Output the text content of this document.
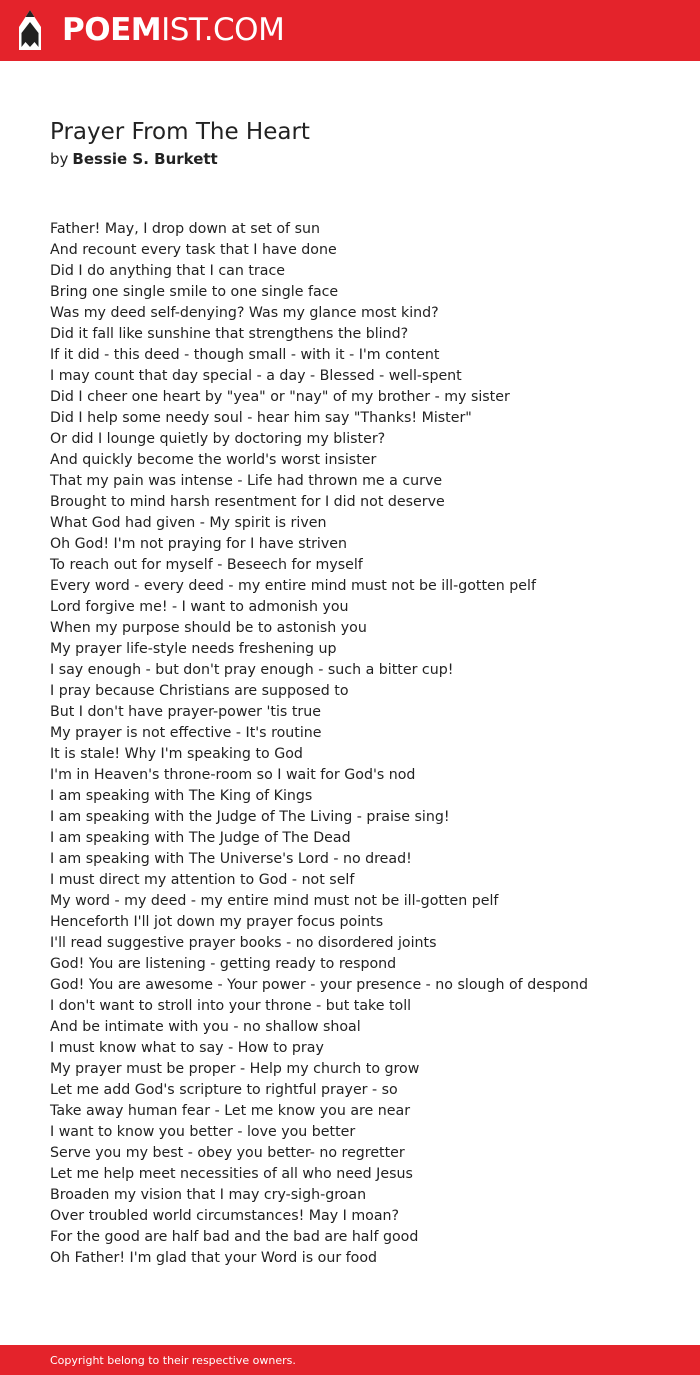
POEMIST.COM
Prayer From The Heart
by Bessie S. Burkett
Father! May, I drop down at set of sun
And recount every task that I have done
Did I do anything that I can trace
Bring one single smile to one single face
Was my deed self-denying? Was my glance most kind?
Did it fall like sunshine that strengthens the blind?
If it did - this deed - though small - with it - I'm content
I may count that day special - a day - Blessed - well-spent
Did I cheer one heart by "yea" or "nay" of my brother - my sister
Did I help some needy soul - hear him say "Thanks! Mister"
Or did I lounge quietly by doctoring my blister?
And quickly become the world's worst insister
That my pain was intense - Life had thrown me a curve
Brought to mind harsh resentment for I did not deserve
What God had given - My spirit is riven
Oh God! I'm not praying for I have striven
To reach out for myself - Beseech for myself
Every word - every deed - my entire mind must not be ill-gotten pelf
Lord forgive me! - I want to admonish you
When my purpose should be to astonish you
My prayer life-style needs freshening up
I say enough - but don't pray enough - such a bitter cup!
I pray because Christians are supposed to
But I don't have prayer-power 'tis true
My prayer is not effective - It's routine
It is stale! Why I'm speaking to God
I'm in Heaven's throne-room so I wait for God's nod
I am speaking with The King of Kings
I am speaking with the Judge of The Living - praise sing!
I am speaking with The Judge of The Dead
I am speaking with The Universe's Lord - no dread!
I must direct my attention to God - not self
My word - my deed - my entire mind must not be ill-gotten pelf
Henceforth I'll jot down my prayer focus points
I'll read suggestive prayer books - no disordered joints
God! You are listening - getting ready to respond
God! You are awesome - Your power - your presence - no slough of despond
I don't want to stroll into your throne - but take toll
And be intimate with you - no shallow shoal
I must know what to say - How to pray
My prayer must be proper - Help my church to grow
Let me add God's scripture to rightful prayer - so
Take away human fear - Let me know you are near
I want to know you better - love you better
Serve you my best - obey you better- no regretter
Let me help meet necessities of all who need Jesus
Broaden my vision that I may cry-sigh-groan
Over troubled world circumstances! May I moan?
For the good are half bad and the bad are half good
Oh Father! I'm glad that your Word is our food
Copyright belong to their respective owners.
